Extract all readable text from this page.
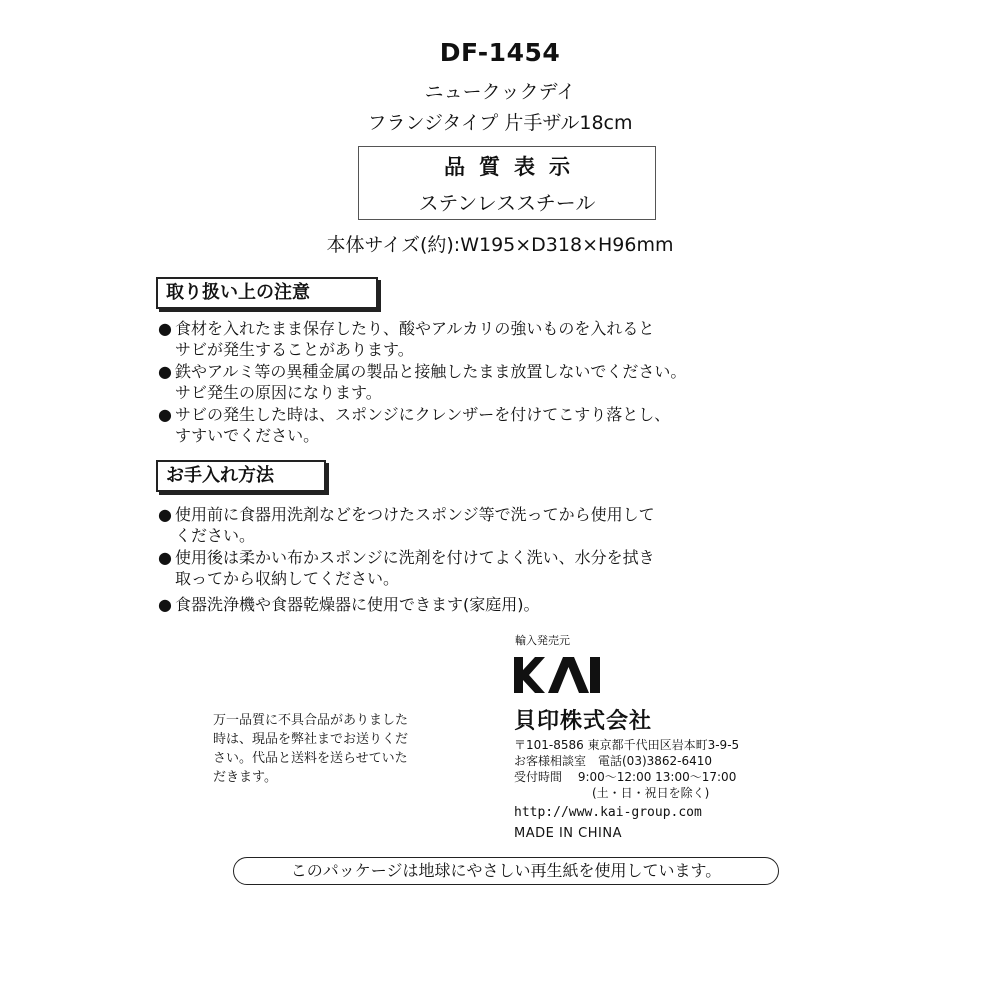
DF-1454
ニュークックデイ
フランジタイプ 片手ザル18cm
品質表示
ステンレススチール
本体サイズ(約):W195×D318×H96mm
取り扱い上の注意
● 食材を入れたまま保存したり、酸やアルカリの強いものを入れると
サビが発生することがあります。
● 鉄やアルミ等の異種金属の製品と接触したまま放置しないでください。
サビ発生の原因になります。
● サビの発生した時は、スポンジにクレンザーを付けてこすり落とし、
すすいでください。
お手入れ方法
● 使用前に食器用洗剤などをつけたスポンジ等で洗ってから使用して
ください。
● 使用後は柔かい布かスポンジに洗剤を付けてよく洗い、水分を拭き
取ってから収納してください。
● 食器洗浄機や食器乾燥器に使用できます(家庭用)。
万一品質に不具合品がありました
時は、現品を弊社までお送りくだ
さい。代品と送料を送らせていた
だきます。
輸入発売元
貝印株式会社
〒101-8586 東京都千代田区岩本町3-9-5
お客様相談室　電話(03)3862-6410
受付時間　 9:00～12:00 13:00～17:00
(土・日・祝日を除く)
http://www.kai-group.com
MADE IN CHINA
このパッケージは地球にやさしい再生紙を使用しています。
